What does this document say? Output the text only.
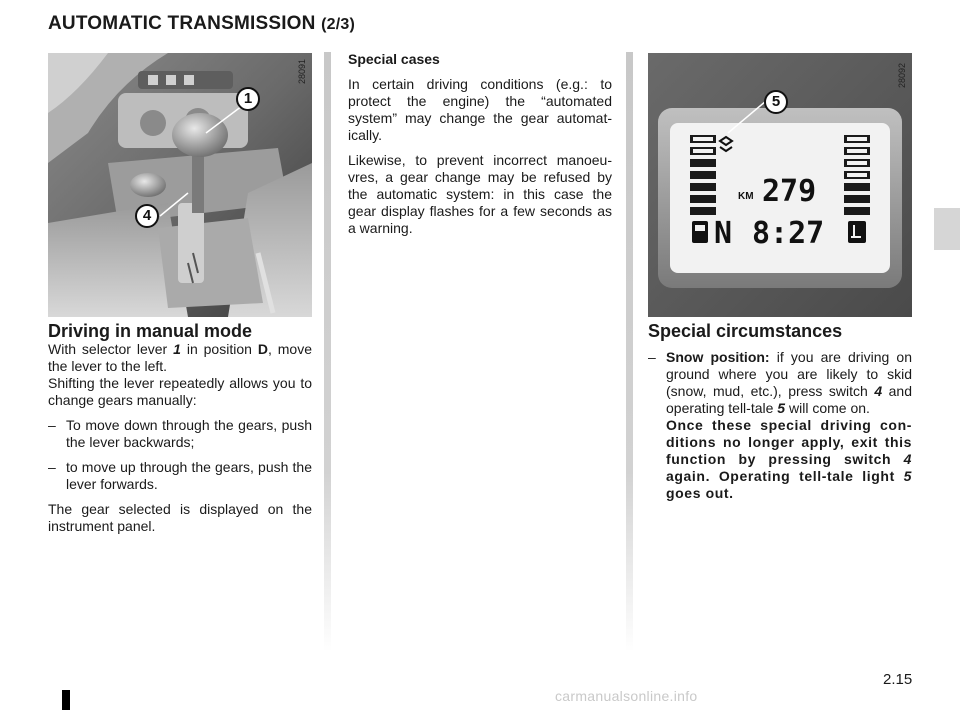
AUTOMATIC TRANSMISSION (2/3)
1
4
28091
Driving in manual mode
With selector lever 1 in position D, move the lever to the left.

Shifting the lever repeatedly allows you to change gears manually:

– To move down through the gears, push the lever backwards;

– to move up through the gears, push the lever forwards.

The gear selected is displayed on the instrument panel.

Special cases

In certain driving conditions (e.g.: to protect the engine) the “automated system” may change the gear automat-ically.

Likewise, to prevent incorrect manoeu-vres, a gear change may be refused by the automatic system: in this case the gear display flashes for a few seconds as a warning.

KM 279
N 8:27
5
28092
Special circumstances
– Snow position: if you are driving on ground where you are likely to skid (snow, mud, etc.), press switch 4 and operating tell-tale 5 will come on.
Once these special driving con-ditions no longer apply, exit this function by pressing switch 4 again. Operating tell-tale light 5 goes out.
2.15
carmanualsonline.info
